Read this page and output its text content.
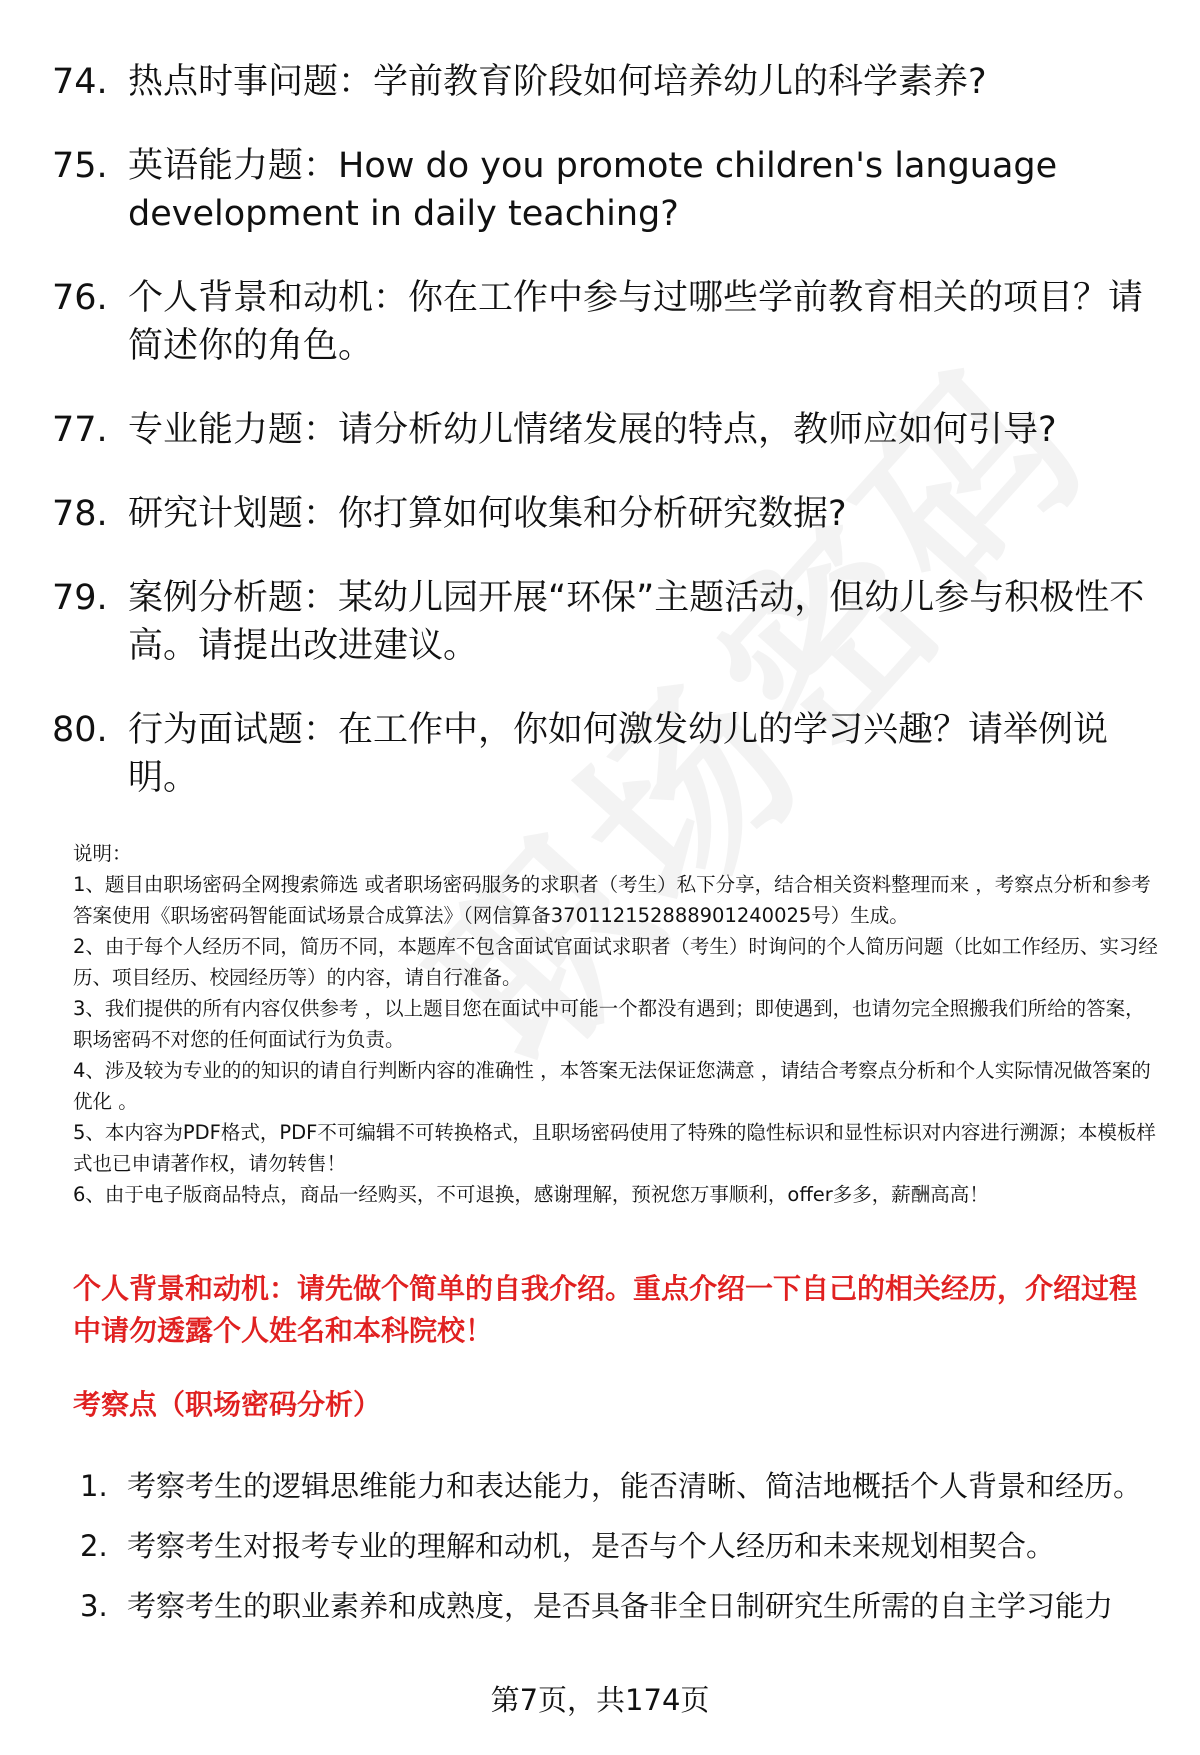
74. 热点时事问题：学前教育阶段如何培养幼儿的科学素养?
75. 英语能力题：How do you promote children's language development in daily teaching?
76. 个人背景和动机：你在工作中参与过哪些学前教育相关的项目？请简述你的角色。
77. 专业能力题：请分析幼儿情绪发展的特点，教师应如何引导?
78. 研究计划题：你打算如何收集和分析研究数据?
79. 案例分析题：某幼儿园开展“环保”主题活动，但幼儿参与积极性不高。请提出改进建议。
80. 行为面试题：在工作中，你如何激发幼儿的学习兴趣？请举例说明。

说明：

1、题目由职场密码全网搜索筛选 或者职场密码服务的求职者（考生）私下分享，结合相关资料整理而来 ，考察点分析和参考答案使用《职场密码智能面试场景合成算法》（网信算备370112152888901240025号）生成。

2、由于每个人经历不同，简历不同，本题库不包含面试官面试求职者（考生）时询问的个人简历问题（比如工作经历、实习经历、项目经历、校园经历等）的内容，请自行准备。

3、我们提供的所有内容仅供参考 ，以上题目您在面试中可能一个都没有遇到；即使遇到，也请勿完全照搬我们所给的答案，职场密码不对您的任何面试行为负责。

4、涉及较为专业的的知识的请自行判断内容的准确性 ，本答案无法保证您满意 ，请结合考察点分析和个人实际情况做答案的优化 。

5、本内容为PDF格式，PDF不可编辑不可转换格式，且职场密码使用了特殊的隐性标识和显性标识对内容进行溯源；本模板样式也已申请著作权，请勿转售！

6、由于电子版商品特点，商品一经购买，不可退换，感谢理解，预祝您万事顺利，offer多多，薪酬高高！

个人背景和动机：请先做个简单的自我介绍。重点介绍一下自己的相关经历，介绍过程中请勿透露个人姓名和本科院校！

考察点（职场密码分析）

1. 考察考生的逻辑思维能力和表达能力，能否清晰、简洁地概括个人背景和经历。
2. 考察考生对报考专业的理解和动机，是否与个人经历和未来规划相契合。
3. 考察考生的职业素养和成熟度，是否具备非全日制研究生所需的自主学习能力
第7页，共174页
